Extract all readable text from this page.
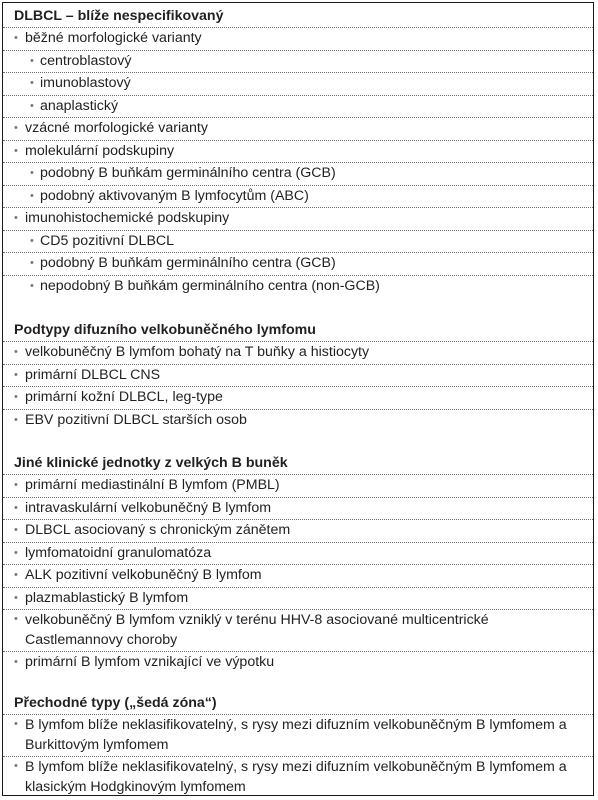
DLBCL – blíže nespecifikovaný

• běžné morfologické varianty
• centroblastový
• imunoblastový
• anaplastický
• vzácné morfologické varianty
• molekulární podskupiny
• podobný B buňkám germinálního centra (GCB)
• podobný aktivovaným B lymfocytům (ABC)
• imunohistochemické podskupiny
• CD5 pozitivní DLBCL
• podobný B buňkám germinálního centra (GCB)
• nepodobný B buňkám germinálního centra (non-GCB)

Podtypy difuzního velkobuněčného lymfomu

• velkobuněčný B lymfom bohatý na T buňky a histiocyty
• primární DLBCL CNS
• primární kožní DLBCL, leg-type
• EBV pozitivní DLBCL starších osob

Jiné klinické jednotky z velkých B buněk

• primární mediastinální B lymfom (PMBL)
• intravaskulární velkobuněčný B lymfom
• DLBCL asociovaný s chronickým zánětem
• lymfomatoidní granulomatóza
• ALK pozitivní velkobuněčný B lymfom
• plazmablastický B lymfom
• velkobuněčný B lymfom vzniklý v terénu HHV-8 asociované multicentrické Castlemannovy choroby
• primární B lymfom vznikající ve výpotku

Přechodné typy („šedá zóna“)

• B lymfom blíže neklasifikovatelný, s rysy mezi difuzním velkobuněčným B lymfomem a Burkittovým lymfomem
• B lymfom blíže neklasifikovatelný, s rysy mezi difuzním velkobuněčným B lymfomem a klasickým Hodgkinovým lymfomem
